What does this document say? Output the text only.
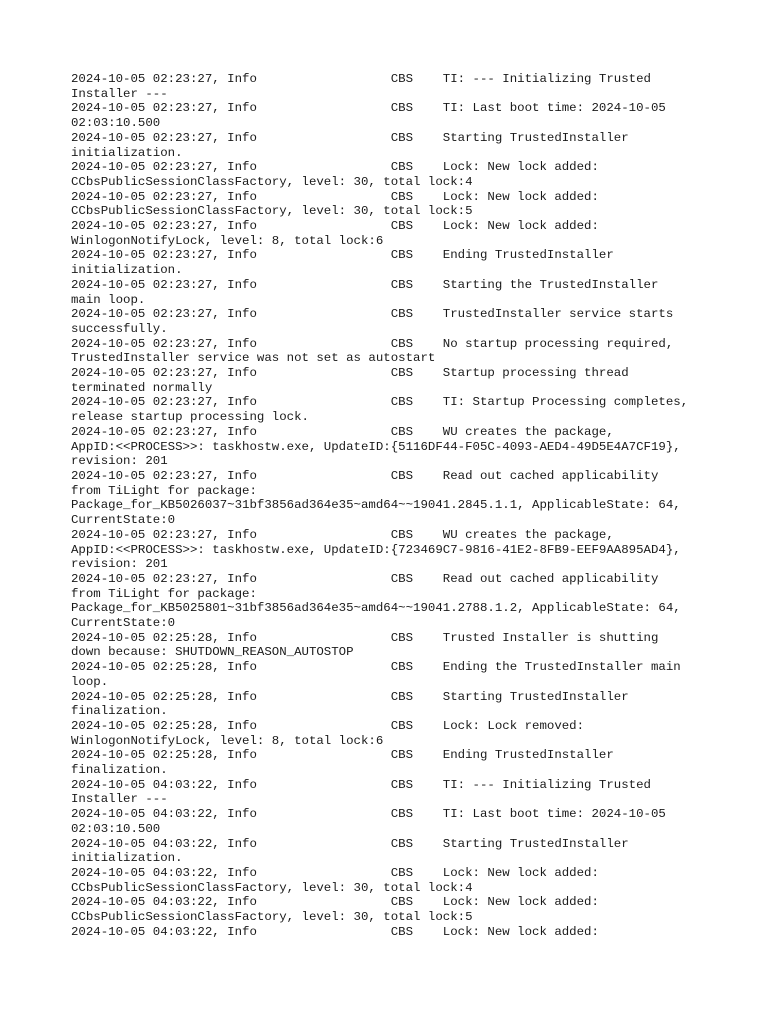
2024-10-05 02:23:27, Info                  CBS    TI: --- Initializing Trusted
Installer ---
2024-10-05 02:23:27, Info                  CBS    TI: Last boot time: 2024-10-05
02:03:10.500
2024-10-05 02:23:27, Info                  CBS    Starting TrustedInstaller
initialization.
2024-10-05 02:23:27, Info                  CBS    Lock: New lock added:
CCbsPublicSessionClassFactory, level: 30, total lock:4
2024-10-05 02:23:27, Info                  CBS    Lock: New lock added:
CCbsPublicSessionClassFactory, level: 30, total lock:5
2024-10-05 02:23:27, Info                  CBS    Lock: New lock added:
WinlogonNotifyLock, level: 8, total lock:6
2024-10-05 02:23:27, Info                  CBS    Ending TrustedInstaller
initialization.
2024-10-05 02:23:27, Info                  CBS    Starting the TrustedInstaller
main loop.
2024-10-05 02:23:27, Info                  CBS    TrustedInstaller service starts
successfully.
2024-10-05 02:23:27, Info                  CBS    No startup processing required,
TrustedInstaller service was not set as autostart
2024-10-05 02:23:27, Info                  CBS    Startup processing thread
terminated normally
2024-10-05 02:23:27, Info                  CBS    TI: Startup Processing completes,
release startup processing lock.
2024-10-05 02:23:27, Info                  CBS    WU creates the package,
AppID:<<PROCESS>>: taskhostw.exe, UpdateID:{5116DF44-F05C-4093-AED4-49D5E4A7CF19},
revision: 201
2024-10-05 02:23:27, Info                  CBS    Read out cached applicability
from TiLight for package:
Package_for_KB5026037~31bf3856ad364e35~amd64~~19041.2845.1.1, ApplicableState: 64,
CurrentState:0
2024-10-05 02:23:27, Info                  CBS    WU creates the package,
AppID:<<PROCESS>>: taskhostw.exe, UpdateID:{723469C7-9816-41E2-8FB9-EEF9AA895AD4},
revision: 201
2024-10-05 02:23:27, Info                  CBS    Read out cached applicability
from TiLight for package:
Package_for_KB5025801~31bf3856ad364e35~amd64~~19041.2788.1.2, ApplicableState: 64,
CurrentState:0
2024-10-05 02:25:28, Info                  CBS    Trusted Installer is shutting
down because: SHUTDOWN_REASON_AUTOSTOP
2024-10-05 02:25:28, Info                  CBS    Ending the TrustedInstaller main
loop.
2024-10-05 02:25:28, Info                  CBS    Starting TrustedInstaller
finalization.
2024-10-05 02:25:28, Info                  CBS    Lock: Lock removed:
WinlogonNotifyLock, level: 8, total lock:6
2024-10-05 02:25:28, Info                  CBS    Ending TrustedInstaller
finalization.
2024-10-05 04:03:22, Info                  CBS    TI: --- Initializing Trusted
Installer ---
2024-10-05 04:03:22, Info                  CBS    TI: Last boot time: 2024-10-05
02:03:10.500
2024-10-05 04:03:22, Info                  CBS    Starting TrustedInstaller
initialization.
2024-10-05 04:03:22, Info                  CBS    Lock: New lock added:
CCbsPublicSessionClassFactory, level: 30, total lock:4
2024-10-05 04:03:22, Info                  CBS    Lock: New lock added:
CCbsPublicSessionClassFactory, level: 30, total lock:5
2024-10-05 04:03:22, Info                  CBS    Lock: New lock added:
